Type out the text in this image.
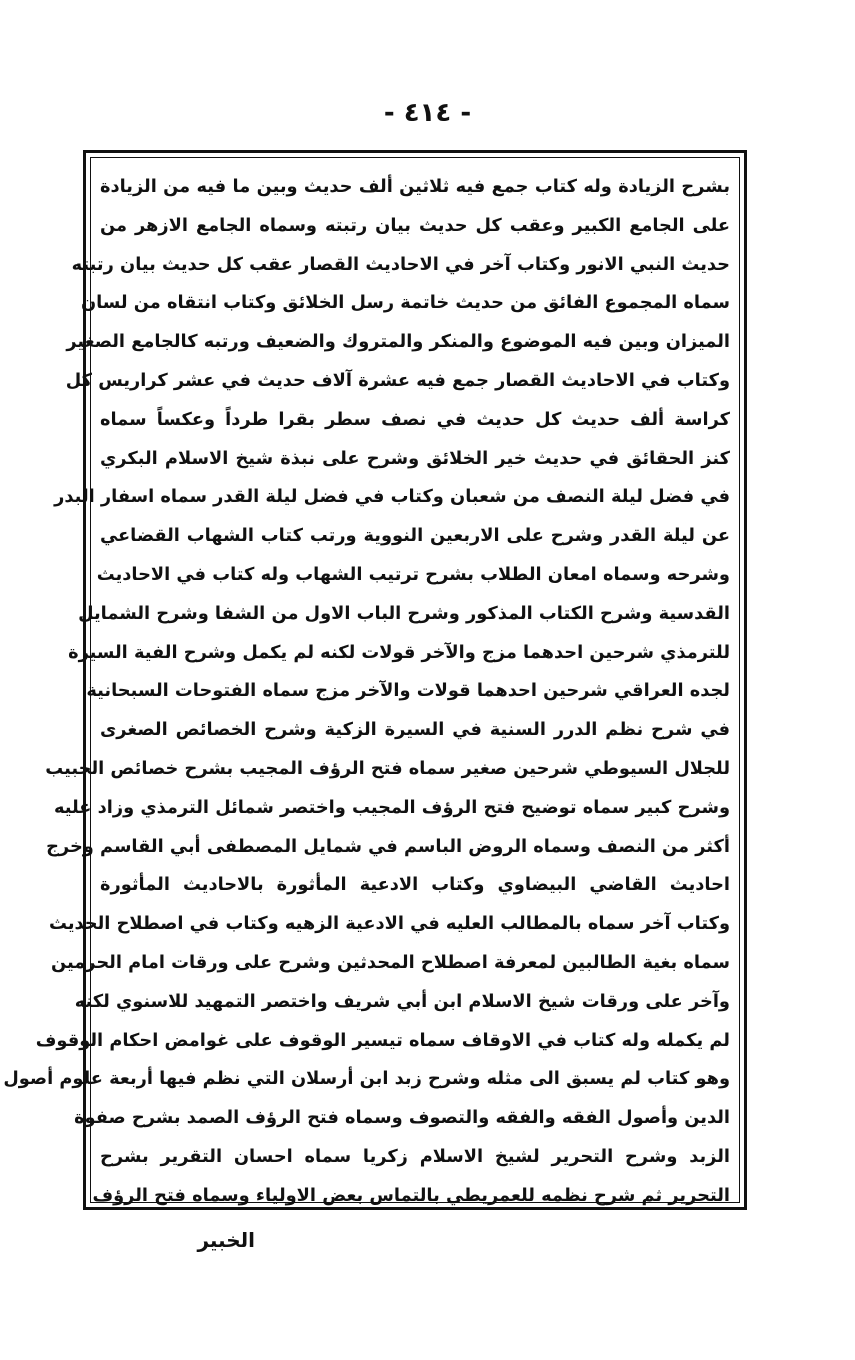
- ٤١٤ -
بشرح الزيادة وله كتاب جمع فيه ثلاثين ألف حديث وبين ما فيه من الزيادة
على الجامع الكبير وعقب كل حديث بيان رتبته وسماه الجامع الازهر من
حديث النبي الانور وكتاب آخر في الاحاديث القصار عقب كل حديث بيان رتبته
سماه المجموع الفائق من حديث خاتمة رسل الخلائق وكتاب انتقاه من لسان
الميزان وبين فيه الموضوع والمنكر والمتروك والضعيف ورتبه كالجامع الصغير
وكتاب في الاحاديث القصار جمع فيه عشرة آلاف حديث في عشر كراريس كل
كراسة ألف حديث كل حديث في نصف سطر بقرا طرداً وعكساً سماه
كنز الحقائق في حديث خير الخلائق وشرح على نبذة شيخ الاسلام البكري
في فضل ليلة النصف من شعبان وكتاب في فضل ليلة القدر سماه اسفار البدر
عن ليلة القدر وشرح على الاربعين النووية ورتب كتاب الشهاب القضاعي
وشرحه وسماه امعان الطلاب بشرح ترتيب الشهاب وله كتاب في الاحاديث
القدسية وشرح الكتاب المذكور وشرح الباب الاول من الشفا وشرح الشمايل
للترمذي شرحين احدهما مزج والآخر قولات لكنه لم يكمل وشرح الفية السيرة
لجده العراقي شرحين احدهما قولات والآخر مزج سماه الفتوحات السبحانية
في شرح نظم الدرر السنية في السيرة الزكية وشرح الخصائص الصغرى
للجلال السيوطي شرحين صغير سماه فتح الرؤف المجيب بشرح خصائص الحبيب
وشرح كبير سماه توضيح فتح الرؤف المجيب واختصر شمائل الترمذي وزاد عليه
أكثر من النصف وسماه الروض الباسم في شمايل المصطفى أبي القاسم وخرج
احاديث القاضي البيضاوي وكتاب الادعية المأثورة بالاحاديث المأثورة
وكتاب آخر سماه بالمطالب العليه في الادعية الزهيه وكتاب في اصطلاح الحديث
سماه بغية الطالبين لمعرفة اصطلاح المحدثين وشرح على ورقات امام الحرمين
وآخر على ورقات شيخ الاسلام ابن أبي شريف واختصر التمهيد للاسنوي لكنه
لم يكمله وله كتاب في الاوقاف سماه تيسير الوقوف على غوامض احكام الوقوف
وهو كتاب لم يسبق الى مثله وشرح زبد ابن أرسلان التي نظم فيها أربعة علوم أصول
الدين وأصول الفقه والفقه والتصوف وسماه فتح الرؤف الصمد بشرح صفوة
الزبد وشرح التحرير لشيخ الاسلام زكريا سماه احسان التقرير بشرح
التحرير ثم شرح نظمه للعمريطي بالتماس بعض الاولياء وسماه فتح الرؤف
الخبير
